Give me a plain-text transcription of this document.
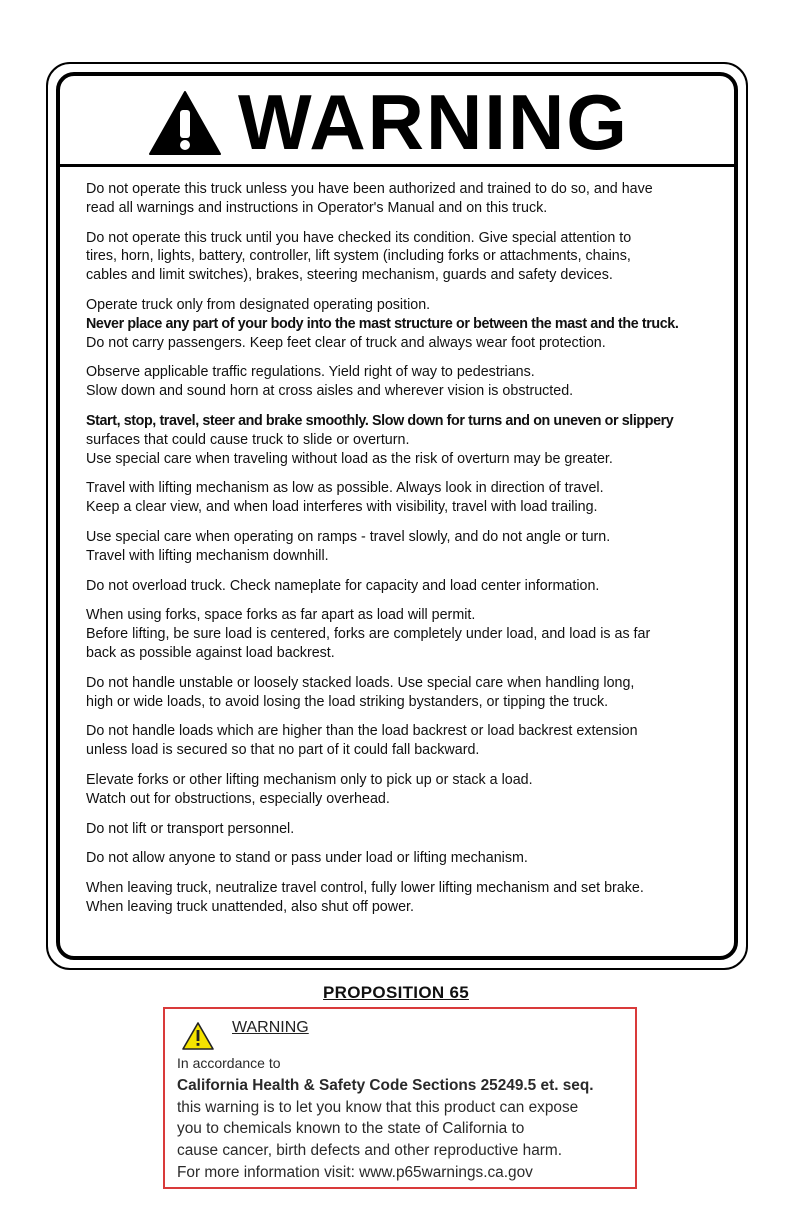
WARNING
Do not operate this truck unless you have been authorized and trained to do so, and have
read all warnings and instructions in Operator's Manual and on this truck.
Do not operate this truck until you have checked its condition. Give special attention to
tires, horn, lights, battery, controller, lift system (including forks or attachments, chains,
cables and limit switches), brakes, steering mechanism, guards and safety devices.
Operate truck only from designated operating position.
Never place any part of your body into the mast structure or between the mast and the truck.
Do not carry passengers. Keep feet clear of truck and always wear foot protection.
Observe applicable traffic regulations. Yield right of way to pedestrians.
Slow down and sound horn at cross aisles and wherever vision is obstructed.
Start, stop, travel, steer and brake smoothly. Slow down for turns and on uneven or slippery
surfaces that could cause truck to slide or overturn.
Use special care when traveling without load as the risk of overturn may be greater.
Travel with lifting mechanism as low as possible. Always look in direction of travel.
Keep a clear view, and when load interferes with visibility, travel with load trailing.
Use special care when operating on ramps - travel slowly, and do not angle or turn.
Travel with lifting mechanism downhill.
Do not overload truck. Check nameplate for capacity and load center information.
When using forks, space forks as far apart as load will permit.
Before lifting, be sure load is centered, forks are completely under load, and load is as far
back as possible against load backrest.
Do not handle unstable or loosely stacked loads. Use special care when handling long,
high or wide loads, to avoid losing the load striking bystanders, or tipping the truck.
Do not handle loads which are higher than the load backrest or load backrest extension
unless load is secured so that no part of it could fall backward.
Elevate forks or other lifting mechanism only to pick up or stack a load.
Watch out for obstructions, especially overhead.
Do not lift or transport personnel.
Do not allow anyone to stand or pass under load or lifting mechanism.
When leaving truck, neutralize travel control, fully lower lifting mechanism and set brake.
When leaving truck unattended, also shut off power.
PROPOSITION 65
WARNING
In accordance to
California Health & Safety Code Sections 25249.5 et. seq.
this warning is to let you know that this product can expose
you to chemicals known to the state of California to
cause cancer, birth defects and other reproductive harm.
For more information visit: www.p65warnings.ca.gov
